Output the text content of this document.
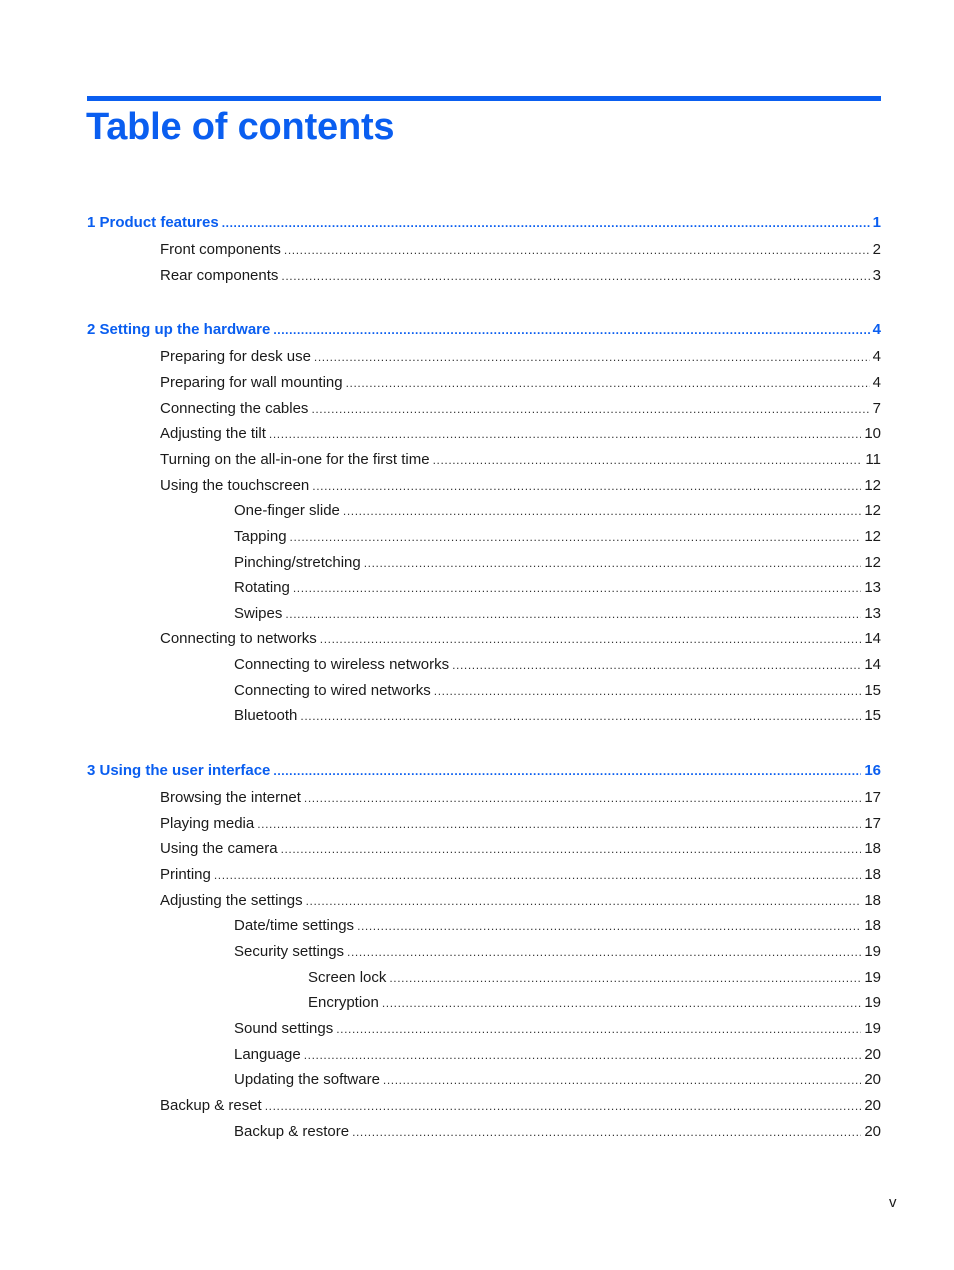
Table of contents
1 Product features .....	1
Front components .....	2
Rear components .....	3
2 Setting up the hardware .....	4
Preparing for desk use .....	4
Preparing for wall mounting .....	4
Connecting the cables .....	7
Adjusting the tilt .....	10
Turning on the all-in-one for the first time .....	11
Using the touchscreen .....	12
One-finger slide .....	12
Tapping .....	12
Pinching/stretching .....	12
Rotating .....	13
Swipes .....	13
Connecting to networks .....	14
Connecting to wireless networks .....	14
Connecting to wired networks .....	15
Bluetooth .....	15
3 Using the user interface .....	16
Browsing the internet .....	17
Playing media .....	17
Using the camera .....	18
Printing .....	18
Adjusting the settings .....	18
Date/time settings .....	18
Security settings .....	19
Screen lock .....	19
Encryption .....	19
Sound settings .....	19
Language .....	20
Updating the software .....	20
Backup & reset .....	20
Backup & restore .....	20
v
